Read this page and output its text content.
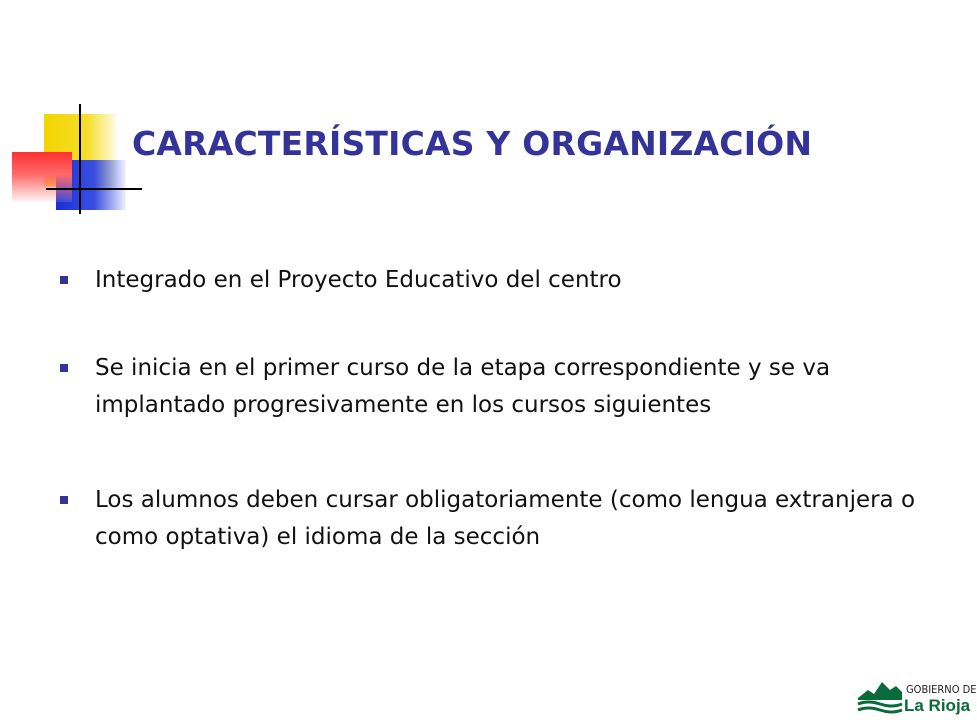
CARACTERÍSTICAS Y ORGANIZACIÓN
Integrado en el Proyecto Educativo del centro
Se inicia en el primer curso de la etapa correspondiente y se va implantado progresivamente en los cursos siguientes
Los alumnos deben cursar obligatoriamente (como lengua extranjera o como optativa) el idioma de la sección
GOBIERNO DE
La Rioja
